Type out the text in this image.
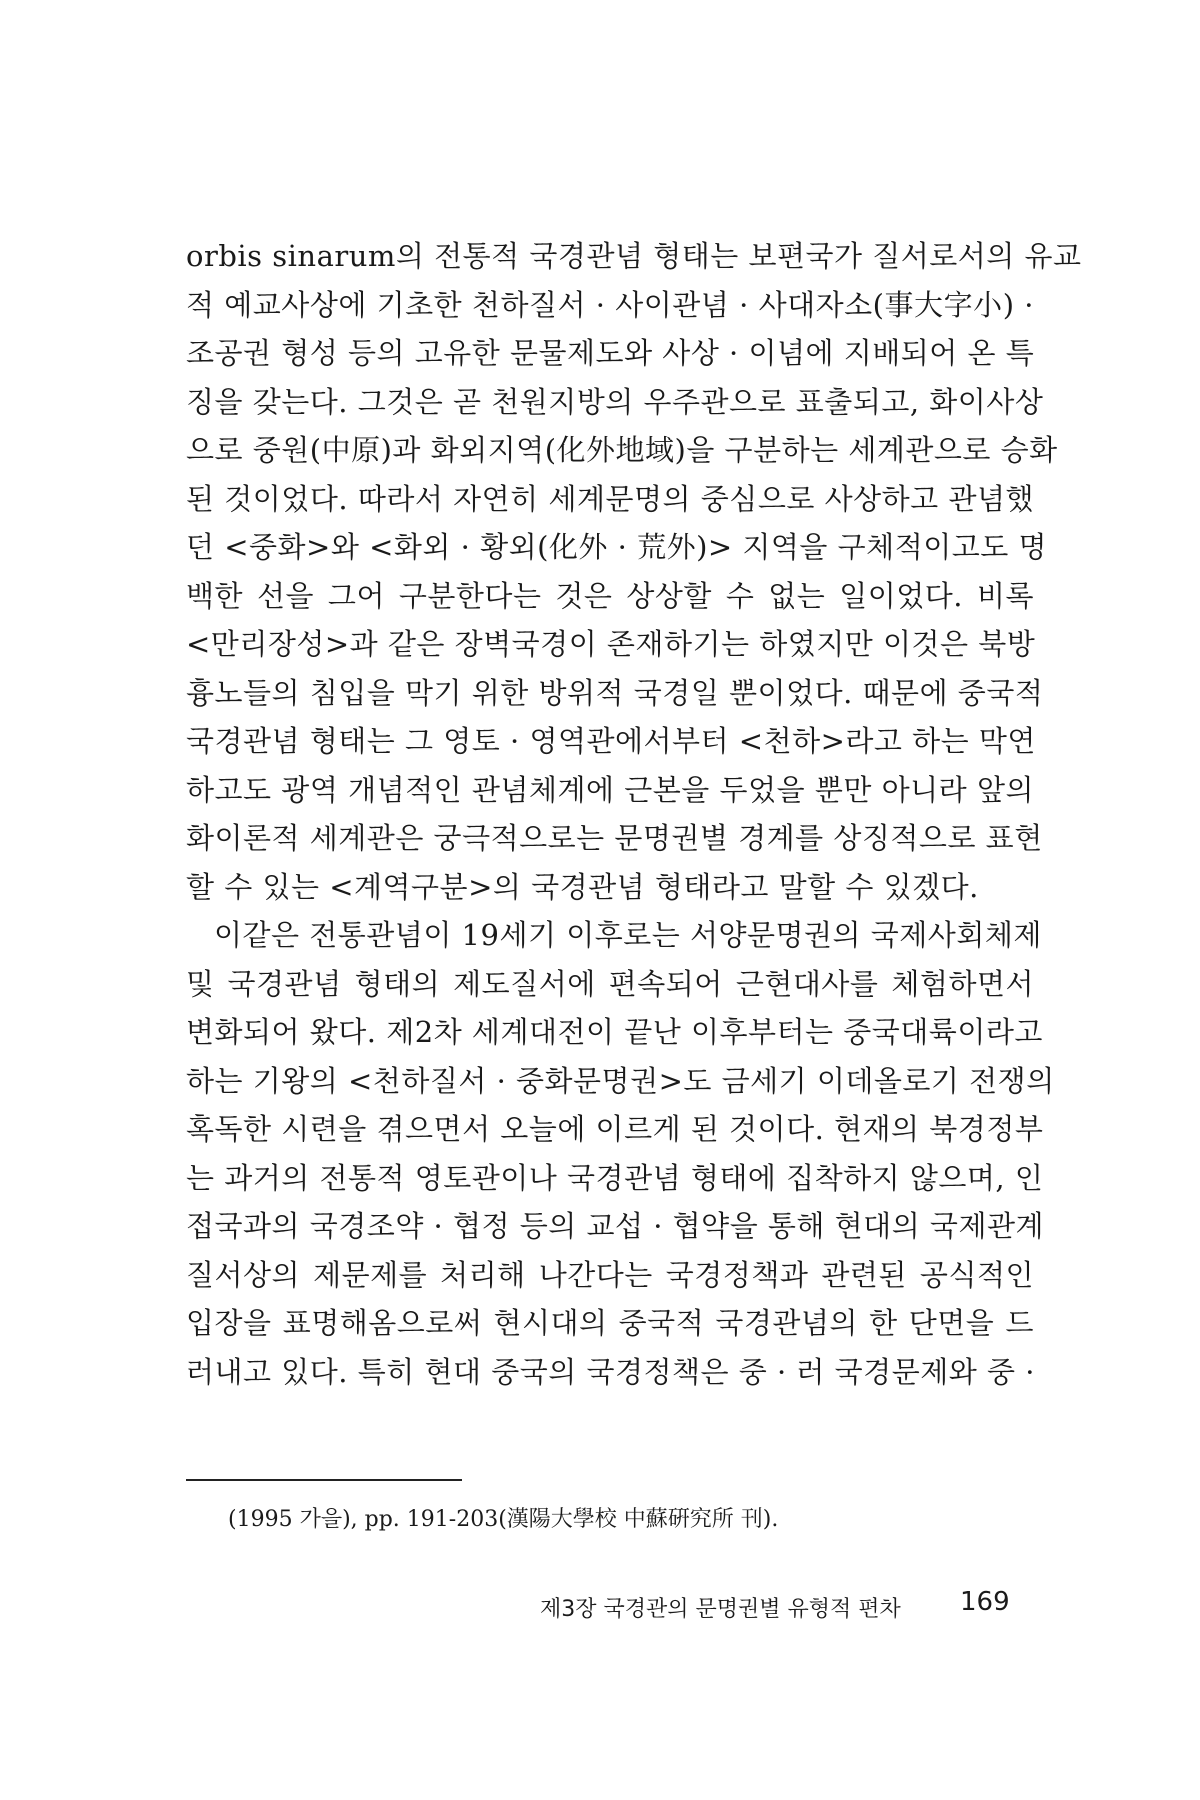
orbis sinarum의 전통적 국경관념 형태는 보편국가 질서로서의 유교
적 예교사상에 기초한 천하질서 · 사이관념 · 사대자소(事大字小) ·
조공권 형성 등의 고유한 문물제도와 사상 · 이념에 지배되어 온 특
징을 갖는다. 그것은 곧 천원지방의 우주관으로 표출되고, 화이사상
으로 중원(中原)과 화외지역(化外地域)을 구분하는 세계관으로 승화
된 것이었다. 따라서 자연히 세계문명의 중심으로 사상하고 관념했
던 <중화>와 <화외 · 황외(化外 · 荒外)> 지역을 구체적이고도 명
백한 선을 그어 구분한다는 것은 상상할 수 없는 일이었다. 비록
<만리장성>과 같은 장벽국경이 존재하기는 하였지만 이것은 북방
흉노들의 침입을 막기 위한 방위적 국경일 뿐이었다. 때문에 중국적
국경관념 형태는 그 영토 · 영역관에서부터 <천하>라고 하는 막연
하고도 광역 개념적인 관념체계에 근본을 두었을 뿐만 아니라 앞의
화이론적 세계관은 궁극적으로는 문명권별 경계를 상징적으로 표현
할 수 있는 <계역구분>의 국경관념 형태라고 말할 수 있겠다.
이같은 전통관념이 19세기 이후로는 서양문명권의 국제사회체제
및 국경관념 형태의 제도질서에 편속되어 근현대사를 체험하면서
변화되어 왔다. 제2차 세계대전이 끝난 이후부터는 중국대륙이라고
하는 기왕의 <천하질서 · 중화문명권>도 금세기 이데올로기 전쟁의
혹독한 시련을 겪으면서 오늘에 이르게 된 것이다. 현재의 북경정부
는 과거의 전통적 영토관이나 국경관념 형태에 집착하지 않으며, 인
접국과의 국경조약 · 협정 등의 교섭 · 협약을 통해 현대의 국제관계
질서상의 제문제를 처리해 나간다는 국경정책과 관련된 공식적인
입장을 표명해옴으로써 현시대의 중국적 국경관념의 한 단면을 드
러내고 있다. 특히 현대 중국의 국경정책은 중 · 러 국경문제와 중 ·
(1995 가을), pp. 191-203(漢陽大學校 中蘇硏究所 刊).
제3장 국경관의 문명권별 유형적 편차 169
